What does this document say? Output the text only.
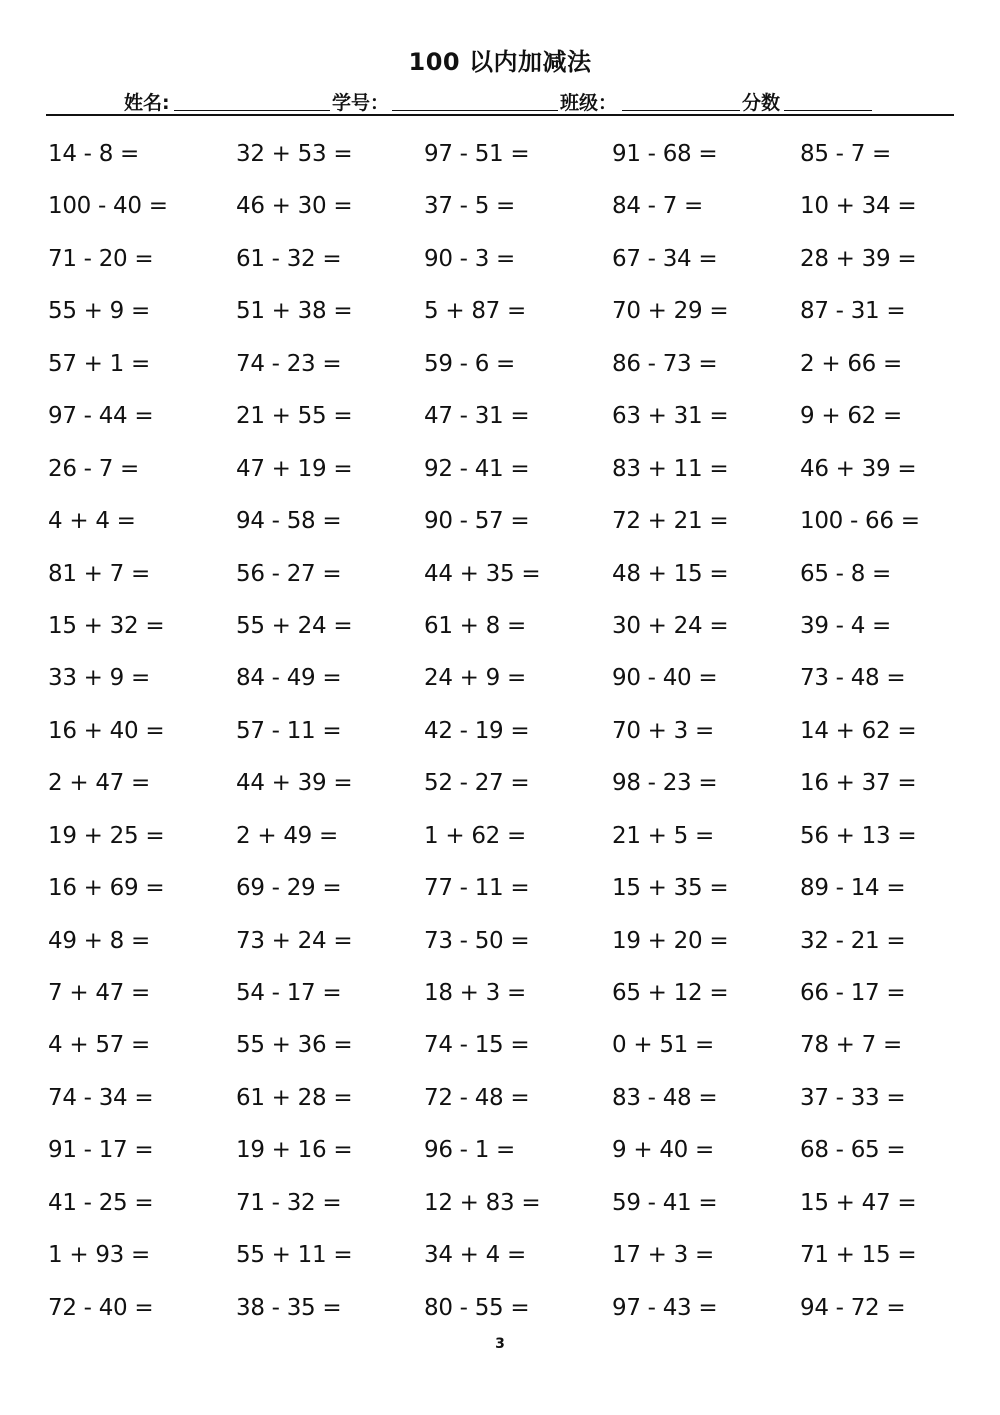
100 以内加减法
姓名:	学号：	班级：	分数
14 - 8 =	32 + 53 =	97 - 51 =	91 - 68 =	85 - 7 =
100 - 40 =	46 + 30 =	37 - 5 =	84 - 7 =	10 + 34 =
71 - 20 =	61 - 32 =	90 - 3 =	67 - 34 =	28 + 39 =
55 + 9 =	51 + 38 =	5 + 87 =	70 + 29 =	87 - 31 =
57 + 1 =	74 - 23 =	59 - 6 =	86 - 73 =	2 + 66 =
97 - 44 =	21 + 55 =	47 - 31 =	63 + 31 =	9 + 62 =
26 - 7 =	47 + 19 =	92 - 41 =	83 + 11 =	46 + 39 =
4 + 4 =	94 - 58 =	90 - 57 =	72 + 21 =	100 - 66 =
81 + 7 =	56 - 27 =	44 + 35 =	48 + 15 =	65 - 8 =
15 + 32 =	55 + 24 =	61 + 8 =	30 + 24 =	39 - 4 =
33 + 9 =	84 - 49 =	24 + 9 =	90 - 40 =	73 - 48 =
16 + 40 =	57 - 11 =	42 - 19 =	70 + 3 =	14 + 62 =
2 + 47 =	44 + 39 =	52 - 27 =	98 - 23 =	16 + 37 =
19 + 25 =	2 + 49 =	1 + 62 =	21 + 5 =	56 + 13 =
16 + 69 =	69 - 29 =	77 - 11 =	15 + 35 =	89 - 14 =
49 + 8 =	73 + 24 =	73 - 50 =	19 + 20 =	32 - 21 =
7 + 47 =	54 - 17 =	18 + 3 =	65 + 12 =	66 - 17 =
4 + 57 =	55 + 36 =	74 - 15 =	0 + 51 =	78 + 7 =
74 - 34 =	61 + 28 =	72 - 48 =	83 - 48 =	37 - 33 =
91 - 17 =	19 + 16 =	96 - 1 =	9 + 40 =	68 - 65 =
41 - 25 =	71 - 32 =	12 + 83 =	59 - 41 =	15 + 47 =
1 + 93 =	55 + 11 =	34 + 4 =	17 + 3 =	71 + 15 =
72 - 40 =	38 - 35 =	80 - 55 =	97 - 43 =	94 - 72 =
3
